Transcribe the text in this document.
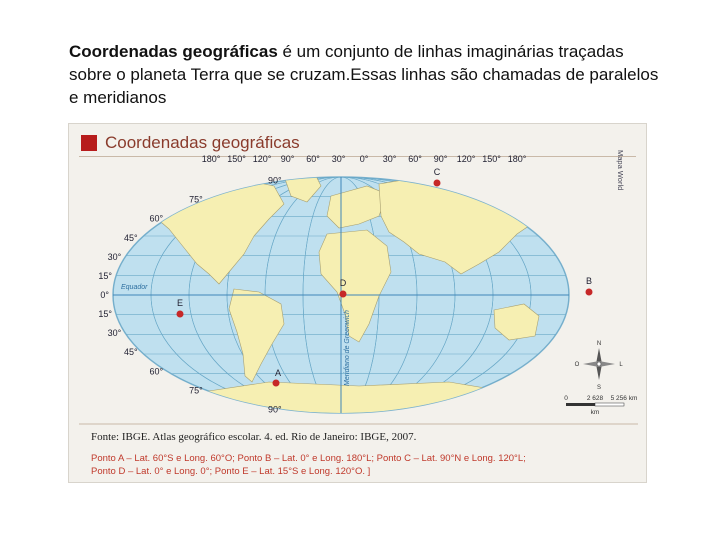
Coordenadas geográficas é um conjunto de linhas imaginárias traçadas sobre o planeta Terra que se cruzam.Essas linhas são chamadas de paralelos e meridianos
Coordenadas geográficas
180° 150° 120° 90° 60° 30° 0° 30° 60° 90° 120° 150° 180°
90°
75°
60°
45°
30°
15°
0°
15°
30°
45°
60°
75°
90°
Equador
Meridiano de Greenwich
Mapa World
C
D	B
E
A
N
S
L
O
0	2 628 5 256 km
km
Fonte: IBGE. Atlas geográfico escolar. 4. ed. Rio de Janeiro: IBGE, 2007.
Ponto A – Lat. 60°S e Long. 60°O; Ponto B – Lat. 0° e Long. 180°L; Ponto C – Lat. 90°N e Long. 120°L;
Ponto D – Lat. 0° e Long. 0°; Ponto E – Lat. 15°S e Long. 120°O. ]
